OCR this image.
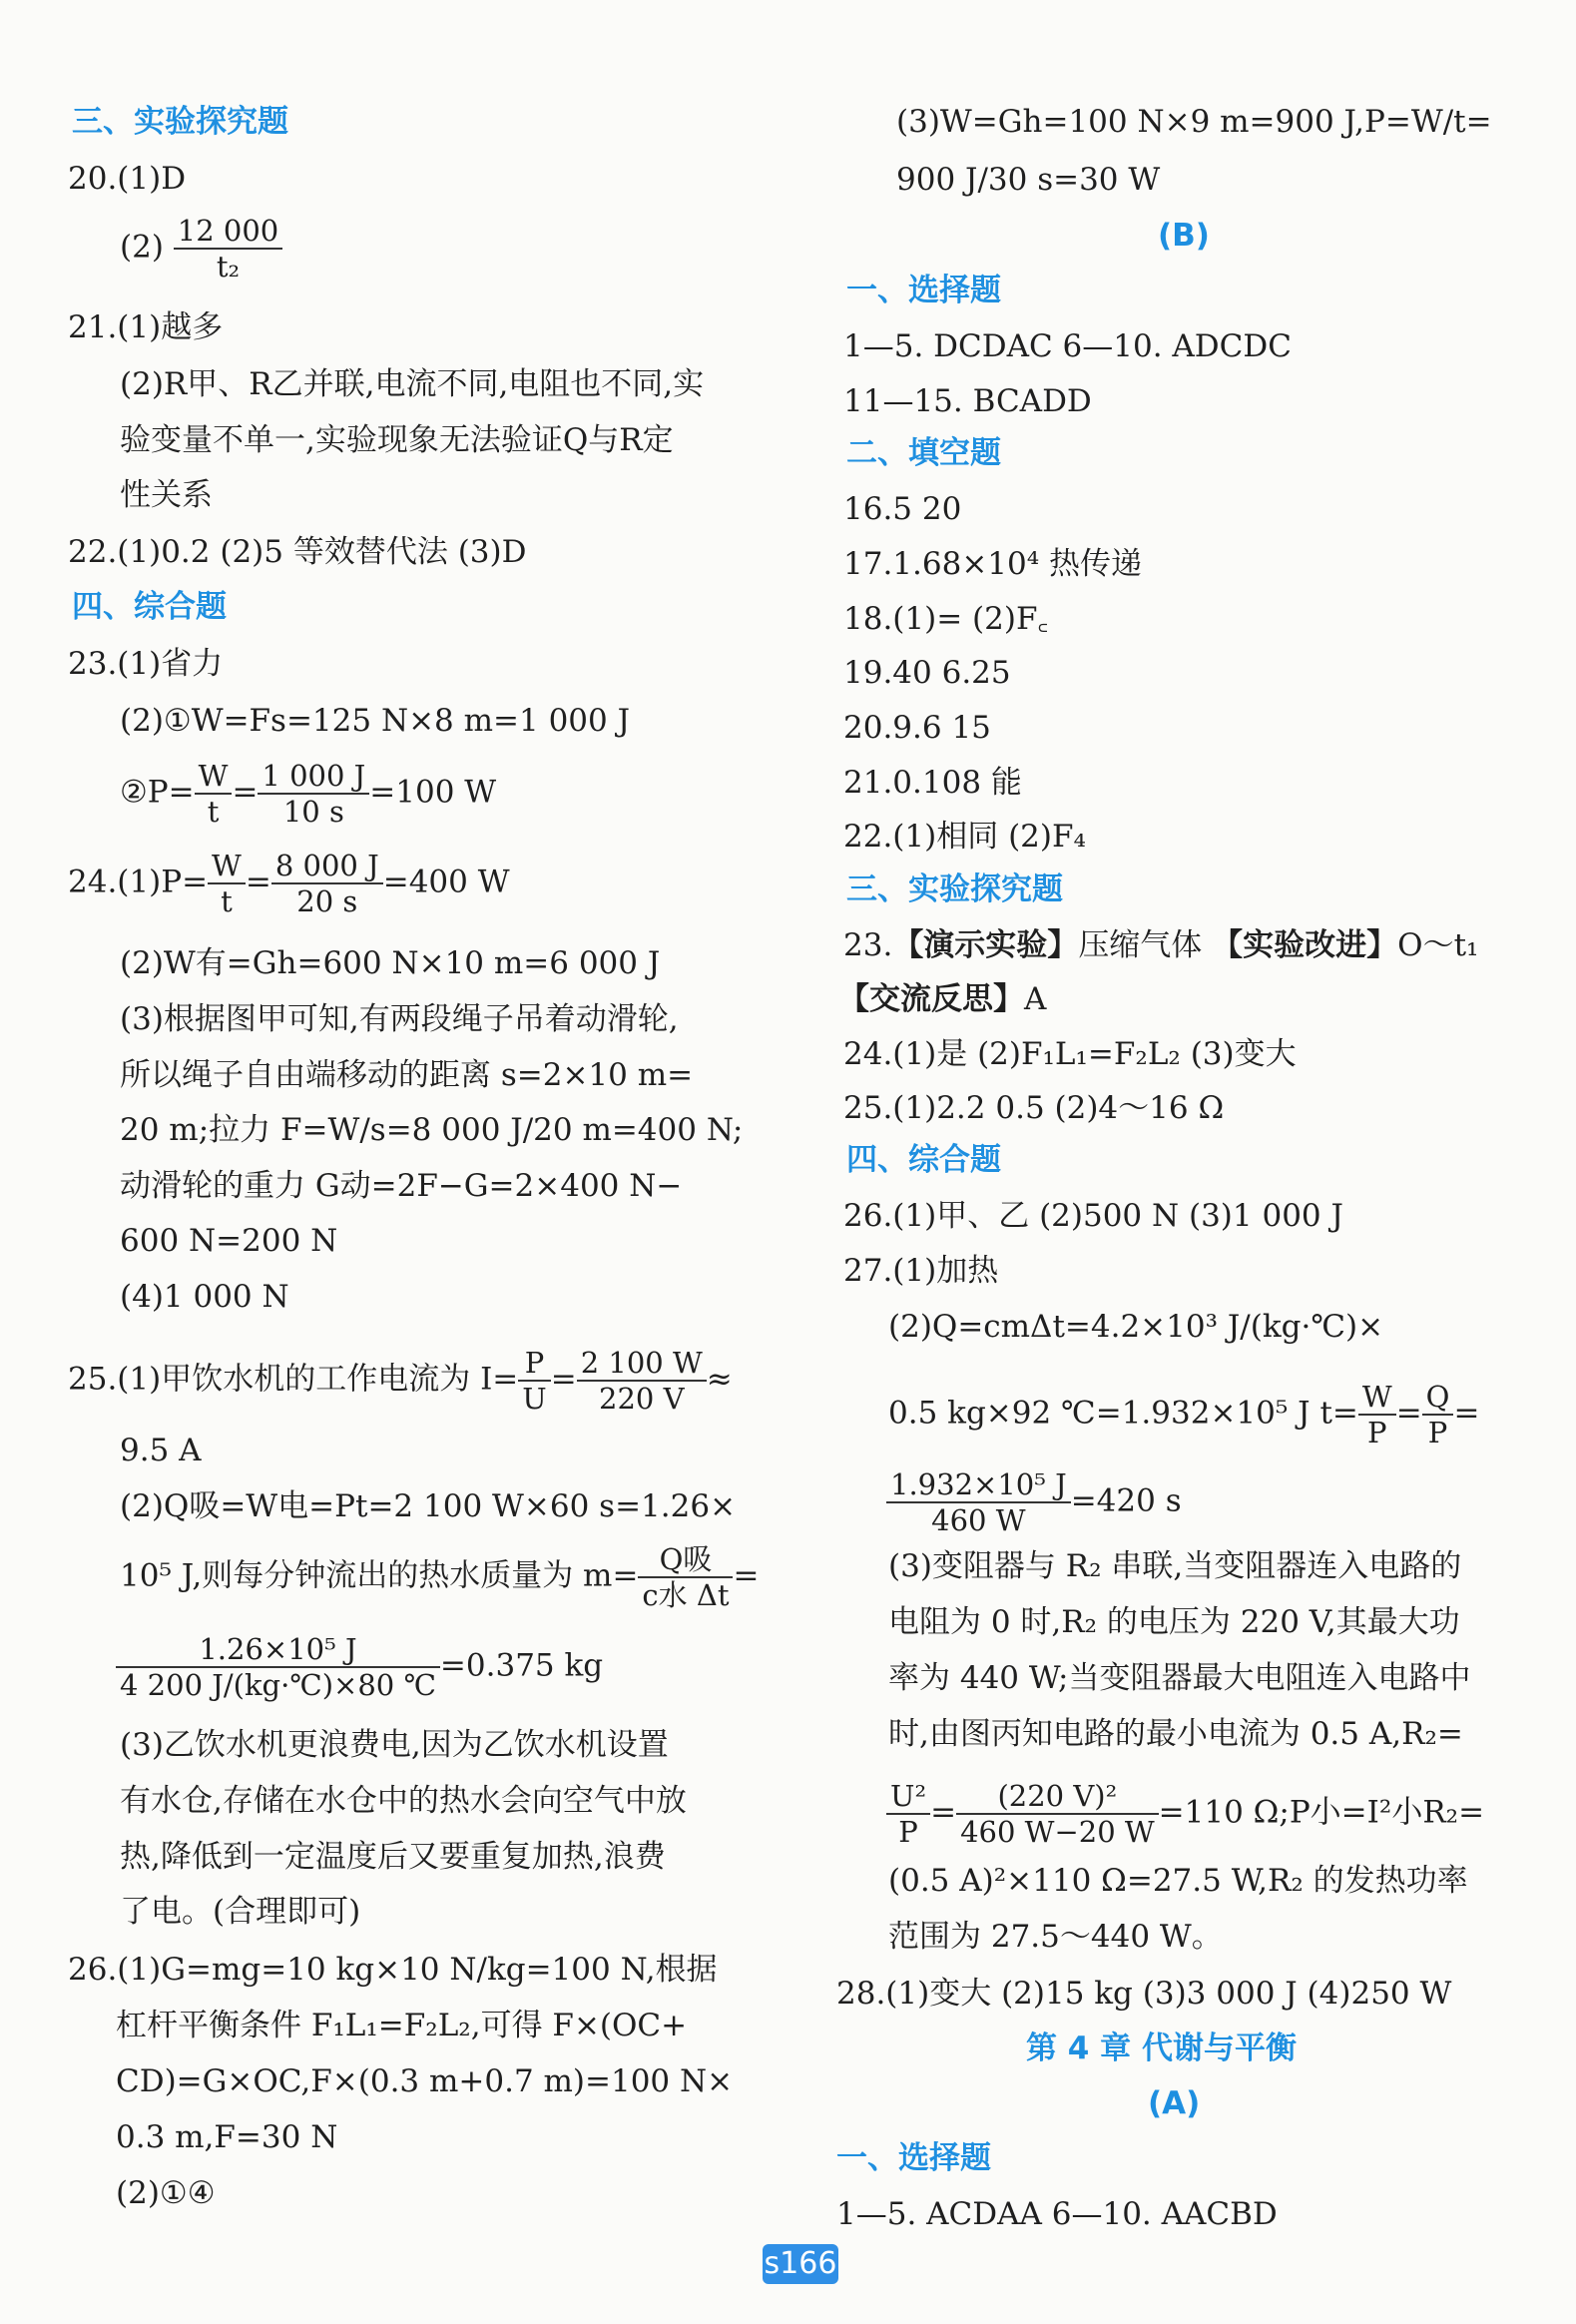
三、实验探究题
20.(1)D
$(2) \frac{12 000}{\text{t₂}}$
21.(1)越多
(2)R甲、R乙并联,电流不同,电阻也不同,实
验变量不单一,实验现象无法验证Q与R定
性关系
22.(1)0.2 (2)5 等效替代法 (3)D
四、综合题
23.(1)省力
(2)①W=Fs=125 N×8 m=1 000 J
②P= $\frac{W}{t} = \frac{1 000 J}{10 s} =100$ W
$24.(1)P= \frac{W}{t} = \frac{8 000 J}{20 s} =400$ W
(2)W有=Gh=600 N×10 m=6 000 J
(3)根据图甲可知,有两段绳子吊着动滑轮,
所以绳子自由端移动的距离 s=2×10 m=
20 m;拉力 F=W/s=8 000 J/20 m=400 N;
动滑轮的重力 G动=2F−G=2×400 N−
600 N=200 N
(4)1 000 N
25.(1)甲饮水机的工作电流为 $I= \frac{P}{U} = \frac{2 100 W}{220 V}$ ≈
9.5 A
(2)Q吸=W电=Pt=2 100 W×60 s=1.26×
10⁵ J,则每分钟流出的热水质量为 $m= \frac{\text{Q吸}}{\text{c水 Δt}}$ =
$\frac{\text{1.26×10⁵ J}}{4 200 J/(kg\cdot℃)\times 80 ℃} =0.375$ kg
(3)乙饮水机更浪费电,因为乙饮水机设置
有水仓,存储在水仓中的热水会向空气中放
热,降低到一定温度后又要重复加热,浪费
了电。(合理即可)
26.(1)G=mg=10 kg×10 N/kg=100 N,根据
杠杆平衡条件 F₁L₁=F₂L₂,可得 F×(OC+
CD)=G×OC,F×(0.3 m+0.7 m)=100 N×
0.3 m,F=30 N
(2)①④
(3)W=Gh=100 N×9 m=900 J,P=W/t=
900 J/30 s=30 W
(B)
一、选择题
1—5. DCDAC 6—10. ADCDC
11—15. BCADD
二、填空题
16.5 20
17.1.68×10⁴ 热传递
18.(1)= (2)F꜀
19.40 6.25
20.9.6 15
21.0.108 能
22.(1)相同 (2)F₄
三、实验探究题
23.【演示实验】压缩气体 【实验改进】O～t₁
【交流反思】A
24.(1)是 (2)F₁L₁=F₂L₂ (3)变大
25.(1)2.2 0.5 (2)4～16 Ω
四、综合题
26.(1)甲、乙 (2)500 N (3)1 000 J
27.(1)加热
(2)Q=cmΔt=4.2×10³ J/(kg·℃)×
0.5 kg×92 ℃=1.932×10⁵ J $t= \frac{W}{P} = \frac{Q}{P}$ =
$\frac{\text{1.932×10⁵ J}}{460 W} =420$ s
(3)变阻器与 R₂ 串联,当变阻器连入电路的
电阻为 0 时,R₂ 的电压为 220 V,其最大功
率为 440 W;当变阻器最大电阻连入电路中
时,由图丙知电路的最小电流为 0.5 A,R₂=
$\frac{\text{U²}}{P} = \frac{\text{(220 V)²}}{460 W-20 W} =110$ Ω;P小=I²小R₂=
(0.5 A)²×110 Ω=27.5 W,R₂ 的发热功率
范围为 27.5～440 W。
28.(1)变大 (2)15 kg (3)3 000 J (4)250 W
第 4 章 代谢与平衡
(A)
一、选择题
1—5. ACDAA 6—10. AACBD
s166
